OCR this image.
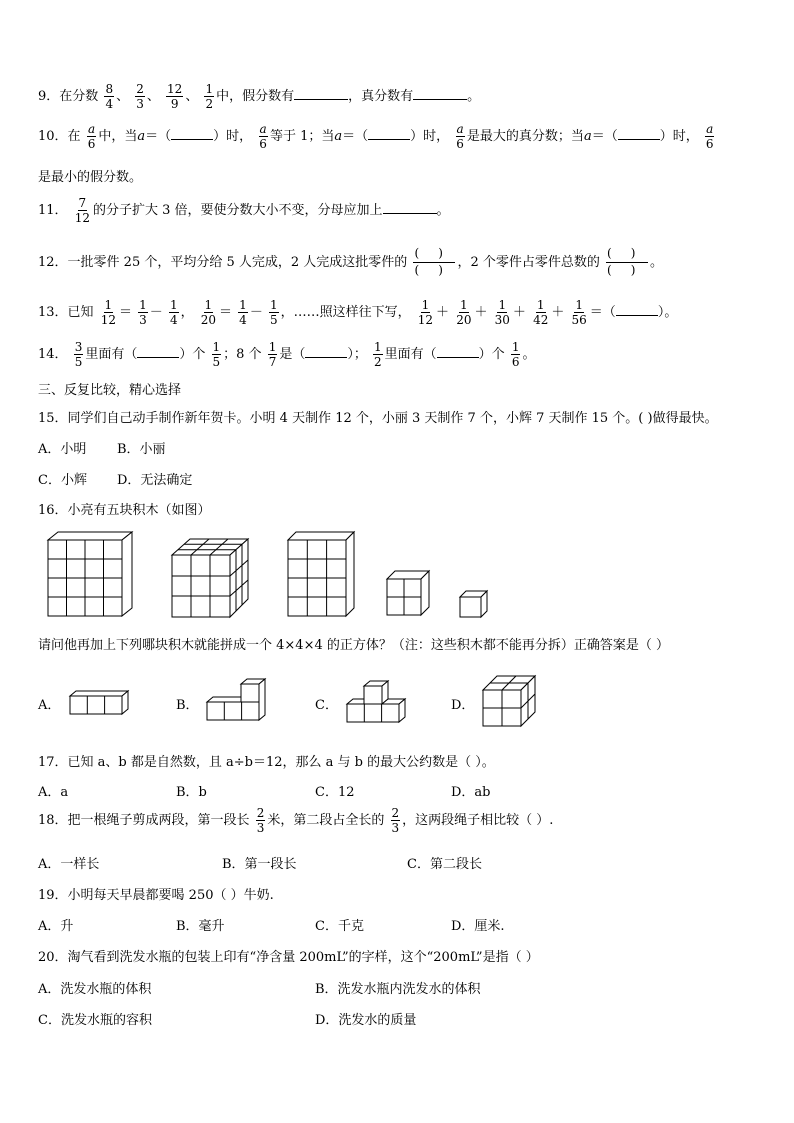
9．在分数 $\frac{8}{4}$ 、 $\frac{2}{3}$ 、 $\frac{12}{9}$ 、 $\frac{1}{2}$ 中，假分数有	，真分数有	。
10．在 $\frac{a}{6}$ 中，当a＝（	）时， $\frac{a}{6}$ 等于 1；当a＝（	）时， $\frac{a}{6}$ 是最大的真分数；当a＝（	）时， $\frac{a}{6}$
是最小的假分数。
11． $\frac{7}{12}$ 的分子扩大 3 倍，要使分数大小不变，分母应加上	。
12．一批零件 25 个，平均分给 5 人完成，2 人完成这批零件的
(     )
(     )	，2 个零件占零件总数的
(     )
(     )	。
13．已知 $\frac{1}{12} = \frac{1}{3} - \frac{1}{4}$ ， $\frac{1}{20} = \frac{1}{4} - \frac{1}{5}$ ，……照这样往下写， $\frac{1}{12} + \frac{1}{20} + \frac{1}{30} + \frac{1}{42} + \frac{1}{56}$ ＝（	）。
14． $\frac{3}{5}$ 里面有（	）个 $\frac{1}{5}$ ；8 个 $\frac{1}{7}$ 是（	）； $\frac{1}{2}$ 里面有（	）个 $\frac{1}{6}$ 。
三、反复比较，精心选择
15．同学们自己动手制作新年贺卡。小明 4 天制作 12 个，小丽 3 天制作 7 个，小辉 7 天制作 15 个。( )做得最快。
A．小明 B．小丽
C．小辉 D．无法确定
16．小亮有五块积木（如图）
请问他再加上下列哪块积木就能拼成一个 4×4×4 的正方体？（注：这些积木都不能再分拆）正确答案是（ ）
A．	B．	C．	D．
17．已知 a、b 都是自然数，且 a÷b＝12，那么 a 与 b 的最大公约数是（ ）。
A．a	B．b	C．12	D．ab
18．把一根绳子剪成两段，第一段长 $\frac{2}{3}$ 米，第二段占全长的 $\frac{2}{3}$ ，这两段绳子相比较（ ）.
A．一样长	B．第一段长	C．第二段长
19．小明每天早晨都要喝 250（ ）牛奶.
A．升	B．毫升	C．千克	D．厘米.
20．淘气看到洗发水瓶的包装上印有“净含量 200mL”的字样，这个“200mL”是指（ ）
A．洗发水瓶的体积	B．洗发水瓶内洗发水的体积
C．洗发水瓶的容积	D．洗发水的质量
